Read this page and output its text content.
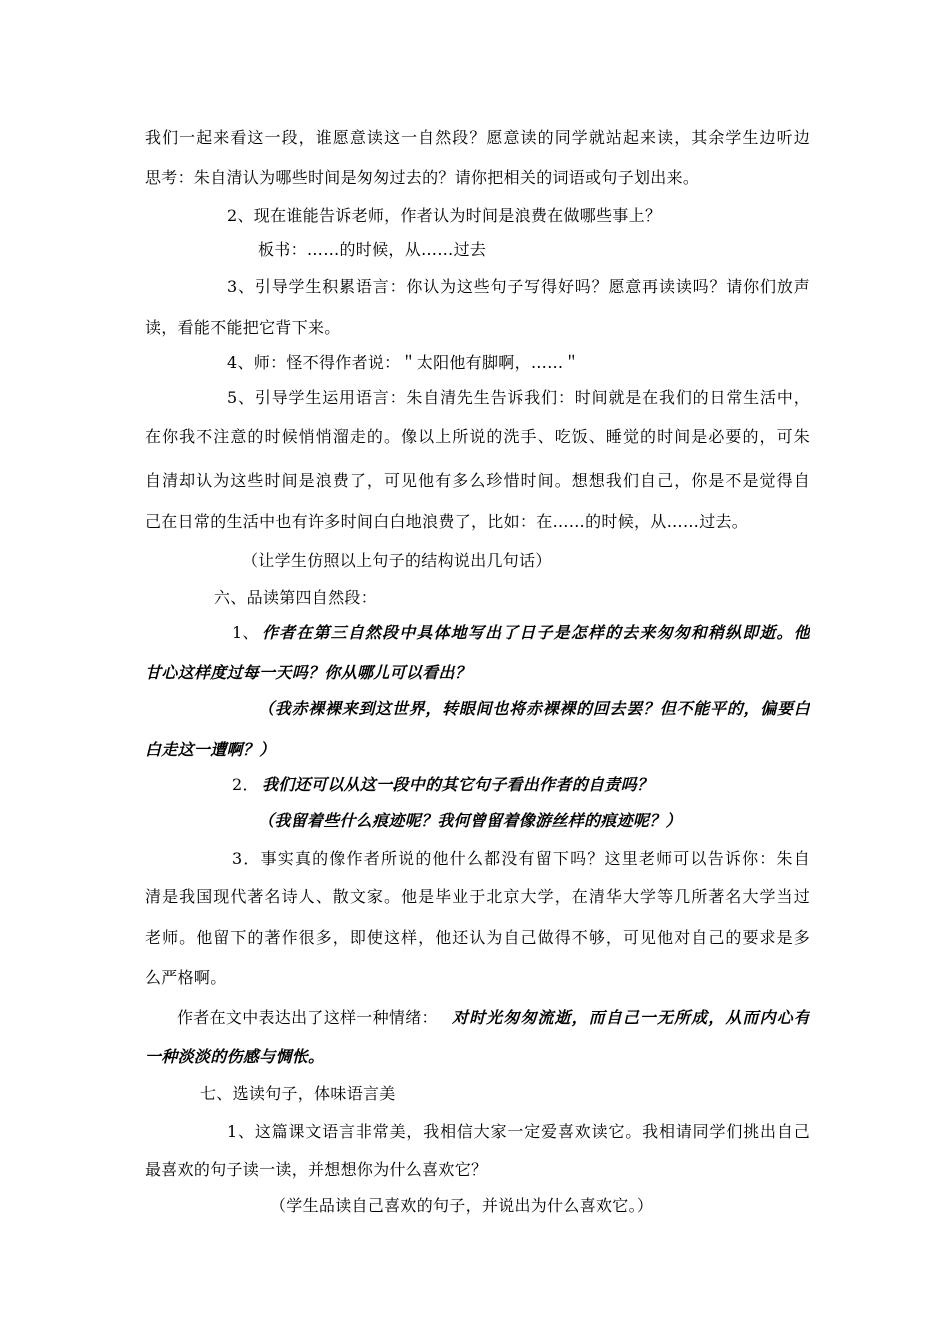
我们一起来看这一段，谁愿意读这一自然段？愿意读的同学就站起来读，其余学生边听边
思考：朱自清认为哪些时间是匆匆过去的？请你把相关的词语或句子划出来。
2、现在谁能告诉老师，作者认为时间是浪费在做哪些事上？
板书：……的时候，从……过去
3、引导学生积累语言：你认为这些句子写得好吗？愿意再读读吗？请你们放声
读，看能不能把它背下来。
4、师：怪不得作者说：＂太阳他有脚啊，……＂
5、引导学生运用语言：朱自清先生告诉我们：时间就是在我们的日常生活中，
在你我不注意的时候悄悄溜走的。像以上所说的洗手、吃饭、睡觉的时间是必要的，可朱
自清却认为这些时间是浪费了，可见他有多么珍惜时间。想想我们自己，你是不是觉得自
己在日常的生活中也有许多时间白白地浪费了，比如：在……的时候，从……过去。
（让学生仿照以上句子的结构说出几句话）
六、品读第四自然段：
1、 作者在第三自然段中具体地写出了日子是怎样的去来匆匆和稍纵即逝。他
甘心这样度过每一天吗？你从哪儿可以看出？
（我赤裸裸来到这世界，转眼间也将赤裸裸的回去罢？但不能平的，偏要白
白走这一遭啊？）
2． 我们还可以从这一段中的其它句子看出作者的自责吗？
（我留着些什么痕迹呢？我何曾留着像游丝样的痕迹呢？）
3．事实真的像作者所说的他什么都没有留下吗？这里老师可以告诉你：朱自
清是我国现代著名诗人、散文家。他是毕业于北京大学，在清华大学等几所著名大学当过
老师。他留下的著作很多，即使这样，他还认为自己做得不够，可见他对自己的要求是多
么严格啊。
作者在文中表达出了这样一种情绪： 对时光匆匆流逝，而自己一无所成，从而内心有
一种淡淡的伤感与惆怅。
七、选读句子，体味语言美
1、这篇课文语言非常美，我相信大家一定爱喜欢读它。我相请同学们挑出自己
最喜欢的句子读一读，并想想你为什么喜欢它？
（学生品读自己喜欢的句子，并说出为什么喜欢它。）
